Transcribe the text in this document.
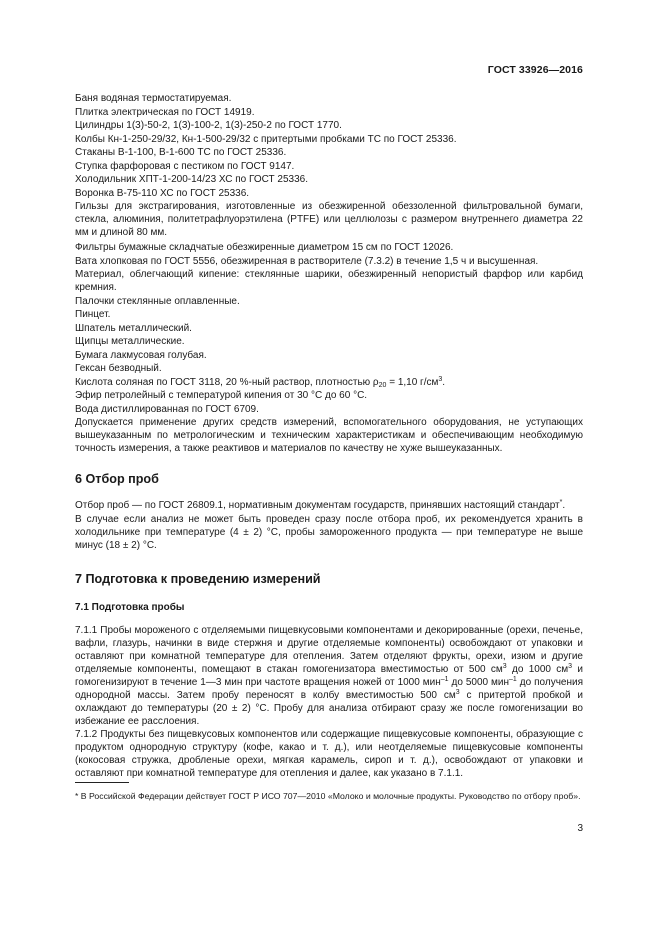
ГОСТ 33926—2016
Баня водяная термостатируемая.
Плитка электрическая по ГОСТ 14919.
Цилиндры 1(3)-50-2, 1(3)-100-2, 1(3)-250-2 по ГОСТ 1770.
Колбы Кн-1-250-29/32, Кн-1-500-29/32 с притертыми пробками ТС по ГОСТ 25336.
Стаканы В-1-100, В-1-600 ТС по ГОСТ 25336.
Ступка фарфоровая с пестиком по ГОСТ 9147.
Холодильник ХПТ-1-200-14/23 ХС по ГОСТ 25336.
Воронка В-75-110 ХС по ГОСТ 25336.
Гильзы для экстрагирования, изготовленные из обезжиренной обеззоленной фильтровальной бумаги, стекла, алюминия, политетрафлуорэтилена (PTFE) или целлюлозы с размером внутреннего диаметра 22 мм и длиной 80 мм.
Фильтры бумажные складчатые обезжиренные диаметром 15 см по ГОСТ 12026.
Вата хлопковая по ГОСТ 5556, обезжиренная в растворителе (7.3.2) в течение 1,5 ч и высушенная.
Материал, облегчающий кипение: стеклянные шарики, обезжиренный непористый фарфор или карбид кремния.
Палочки стеклянные оплавленные.
Пинцет.
Шпатель металлический.
Щипцы металлические.
Бумага лакмусовая голубая.
Гексан безводный.
Кислота соляная по ГОСТ 3118, 20 %-ный раствор, плотностью $\rho_{20} = 1,10$ $г/см^3$.
Эфир петролейный с температурой кипения от 30 °С до 60 °С.
Вода дистиллированная по ГОСТ 6709.
Допускается применение других средств измерений, вспомогательного оборудования, не уступающих вышеуказанным по метрологическим и техническим характеристикам и обеспечивающим необходимую точность измерения, а также реактивов и материалов по качеству не хуже вышеуказанных.
6 Отбор проб
Отбор проб — по ГОСТ 26809.1, нормативным документам государств, принявших настоящий стандарт*.
В случае если анализ не может быть проведен сразу после отбора проб, их рекомендуется хранить в холодильнике при температуре (4 ± 2) °С, пробы замороженного продукта — при температуре не выше минус (18 ± 2) °С.
7 Подготовка к проведению измерений
7.1 Подготовка пробы
7.1.1 Пробы мороженого с отделяемыми пищевкусовыми компонентами и декорированные (орехи, печенье, вафли, глазурь, начинки в виде стержня и другие отделяемые компоненты) освобождают от упаковки и оставляют при комнатной температуре для отепления. Затем отделяют фрукты, орехи, изюм и другие отделяемые компоненты, помещают в стакан гомогенизатора вместимостью от 500 $см^3$ до 1000 $см^3$ и гомогенизируют в течение 1—3 мин при частоте вращения ножей от 1000 мин$^{-1}$ до 5000 мин$^{-1}$ до получения однородной массы. Затем пробу переносят в колбу вместимостью 500 $см^3$ с притертой пробкой и охлаждают до температуры (20 ± 2) °С. Пробу для анализа отбирают сразу же после гомогенизации во избежание ее расслоения.
7.1.2 Продукты без пищевкусовых компонентов или содержащие пищевкусовые компоненты, образующие с продуктом однородную структуру (кофе, какао и т. д.), или неотделяемые пищевкусовые компоненты (кокосовая стружка, дробленые орехи, мягкая карамель, сироп и т. д.), освобождают от упаковки и оставляют при комнатной температуре для отепления и далее, как указано в 7.1.1.
* В Российской Федерации действует ГОСТ Р ИСО 707—2010 «Молоко и молочные продукты. Руководство по отбору проб».
3
